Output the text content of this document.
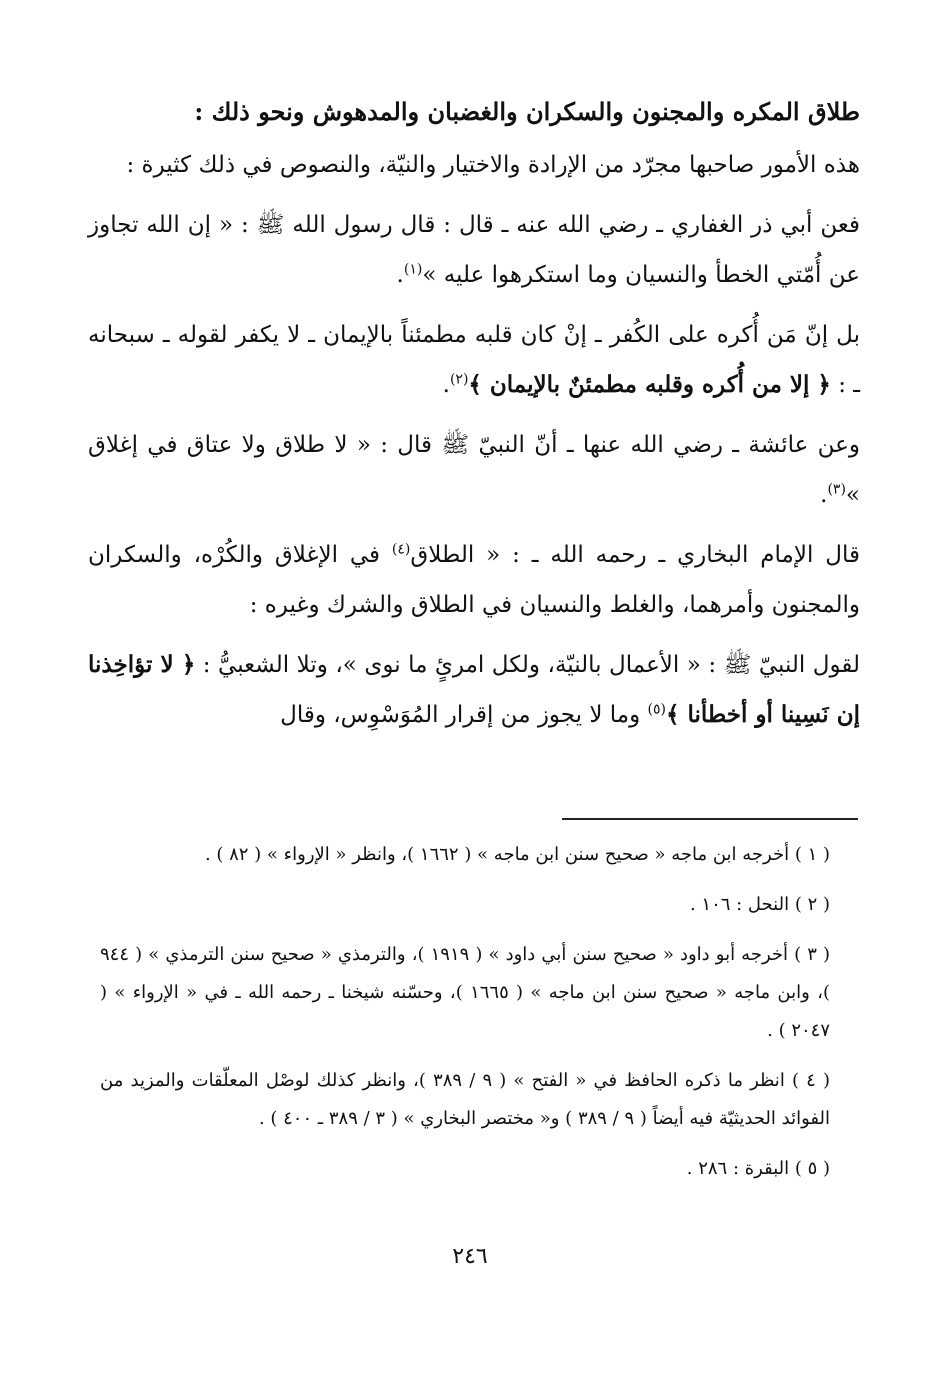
طلاق المكره والمجنون والسكران والغضبان والمدهوش ونحو ذلك :

هذه الأمور صاحبها مجرّد من الإرادة والاختيار والنيّة، والنصوص في ذلك كثيرة :

فعن أبي ذر الغفاري ـ رضي الله عنه ـ قال : قال رسول الله ﷺ : « إن الله تجاوز عن أُمّتي الخطأ والنسيان وما استكرهوا عليه »$^{(١)}$.

بل إنّ مَن أُكره على الكُفر ـ إنْ كان قلبه مطمئناً بالإيمان ـ لا يكفر لقوله ـ سبحانه ـ : ﴿ إلا من أُكره وقلبه مطمئنٌ بالإيمان ﴾$^{(٢)}$.

وعن عائشة ـ رضي الله عنها ـ أنّ النبيّ ﷺ قال : « لا طلاق ولا عتاق في إغلاق »$^{(٣)}$.

قال الإمام البخاري ـ رحمه الله ـ : « الطلاق$^{(٤)}$ في الإغلاق والكُرْه، والسكران والمجنون وأمرهما، والغلط والنسيان في الطلاق والشرك وغيره :

لقول النبيّ ﷺ : « الأعمال بالنيّة، ولكل امرئٍ ما نوى »، وتلا الشعبيُّ : ﴿ لا تؤاخِذنا إن نَسِينا أو أخطأنا ﴾$^{(٥)}$ وما لا يجوز من إقرار المُوَسْوِس، وقال

( ١ ) أخرجه ابن ماجه « صحيح سنن ابن ماجه » ( ١٦٦٢ )، وانظر « الإرواء » ( ٨٢ ) .

( ٢ ) النحل : ١٠٦ .

( ٣ ) أخرجه أبو داود « صحيح سنن أبي داود » ( ١٩١٩ )، والترمذي « صحيح سنن الترمذي » ( ٩٤٤ )، وابن ماجه « صحيح سنن ابن ماجه » ( ١٦٦٥ )، وحسّنه شيخنا ـ رحمه الله ـ في « الإرواء » ( ٢٠٤٧ ) .

( ٤ ) انظر ما ذكره الحافظ في « الفتح » ( ٩ / ٣٨٩ )، وانظر كذلك لوصْل المعلّقات والمزيد من الفوائد الحديثيّة فيه أيضاً ( ٩ / ٣٨٩ ) و« مختصر البخاري » ( ٣ / ٣٨٩ ـ ٤٠٠ ) .

( ٥ ) البقرة : ٢٨٦ .

٢٤٦
